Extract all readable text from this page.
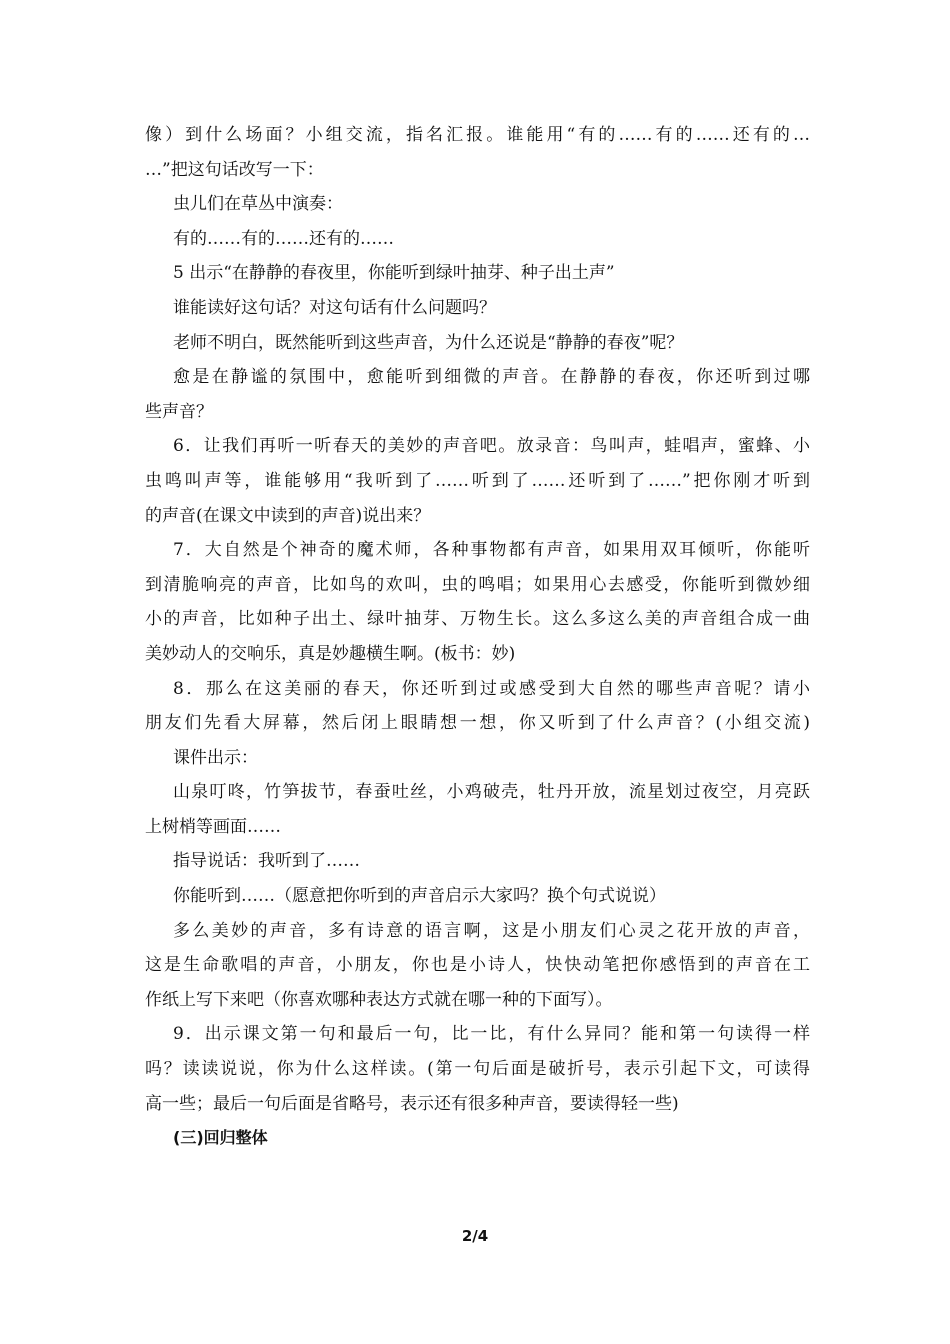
像）到什么场面？小组交流，指名汇报。谁能用“有的……有的……还有的…
…”把这句话改写一下：
虫儿们在草丛中演奏：
有的……有的……还有的……
5 出示“在静静的春夜里，你能听到绿叶抽芽、种子出土声”
谁能读好这句话？对这句话有什么问题吗？
老师不明白，既然能听到这些声音，为什么还说是“静静的春夜”呢？
愈是在静谧的氛围中，愈能听到细微的声音。在静静的春夜，你还听到过哪
些声音？
6．让我们再听一听春天的美妙的声音吧。放录音：鸟叫声，蛙唱声，蜜蜂、小
虫鸣叫声等，谁能够用“我听到了……听到了……还听到了……”把你刚才听到
的声音(在课文中读到的声音)说出来？
7．大自然是个神奇的魔术师，各种事物都有声音，如果用双耳倾听，你能听
到清脆响亮的声音，比如鸟的欢叫，虫的鸣唱；如果用心去感受，你能听到微妙细
小的声音，比如种子出土、绿叶抽芽、万物生长。这么多这么美的声音组合成一曲
美妙动人的交响乐，真是妙趣横生啊。(板书：妙)
8．那么在这美丽的春天，你还听到过或感受到大自然的哪些声音呢？请小
朋友们先看大屏幕，然后闭上眼睛想一想，你又听到了什么声音？(小组交流)
课件出示：
山泉叮咚，竹笋拔节，春蚕吐丝，小鸡破壳，牡丹开放，流星划过夜空，月亮跃
上树梢等画面……
指导说话：我听到了……
你能听到……（愿意把你听到的声音启示大家吗？换个句式说说）
多么美妙的声音，多有诗意的语言啊，这是小朋友们心灵之花开放的声音，
这是生命歌唱的声音，小朋友，你也是小诗人，快快动笔把你感悟到的声音在工
作纸上写下来吧（你喜欢哪种表达方式就在哪一种的下面写）。
9．出示课文第一句和最后一句，比一比，有什么异同？能和第一句读得一样
吗？读读说说，你为什么这样读。(第一句后面是破折号，表示引起下文，可读得
高一些；最后一句后面是省略号，表示还有很多种声音，要读得轻一些)
(三)回归整体
2/4
